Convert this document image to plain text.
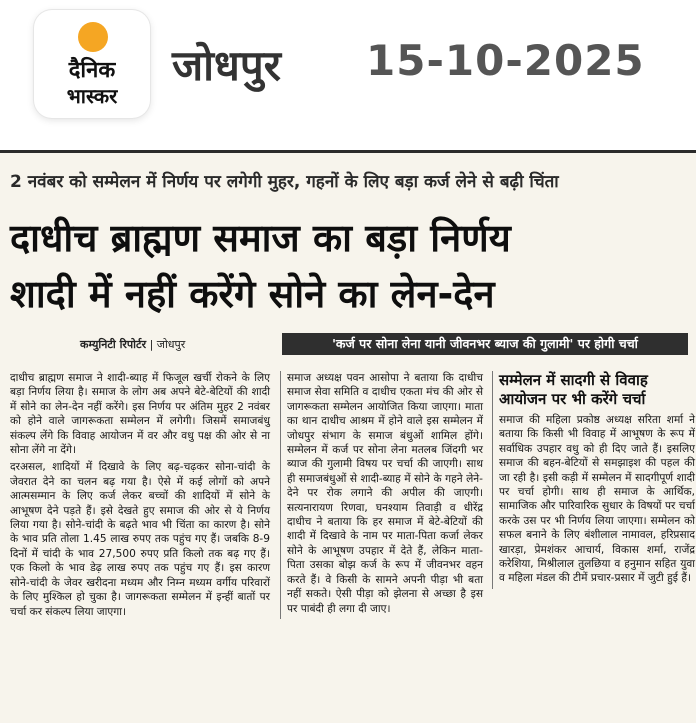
दैनिक
भास्कर
जोधपुर 15-10-2025
2 नवंबर को सम्मेलन में निर्णय पर लगेगी मुहर, गहनों के लिए बड़ा कर्ज लेने से बढ़ी चिंता
दाधीच ब्राह्मण समाज का बड़ा निर्णय
शादी में नहीं करेंगे सोने का लेन-देन
कम्युनिटी रिपोर्टर | जोधपुर	'कर्ज पर सोना लेना यानी जीवनभर ब्याज की गुलामी' पर होगी चर्चा

दाधीच ब्राह्मण समाज ने शादी-ब्याह में फिजूल खर्ची रोकने के लिए बड़ा निर्णय लिया है। समाज के लोग अब अपने बेटे-बेटियों की शादी में सोने का लेन-देन नहीं करेंगे। इस निर्णय पर अंतिम मुहर 2 नवंबर को होने वाले जागरूकता सम्मेलन में लगेगी। जिसमें समाजबंधु संकल्प लेंगे कि विवाह आयोजन में वर और वधु पक्ष की ओर से ना सोना लेंगे ना देंगे।

दरअसल, शादियों में दिखावे के लिए बढ़-चढ़कर सोना-चांदी के जेवरात देने का चलन बढ़ गया है। ऐसे में कई लोगों को अपने आत्मसम्मान के लिए कर्ज लेकर बच्चों की शादियों में सोने के आभूषण देने पड़ते हैं। इसे देखते हुए समाज की ओर से ये निर्णय लिया गया है। सोने-चांदी के बढ़ते भाव भी चिंता का कारण है। सोने के भाव प्रति तोला 1.45 लाख रुपए तक पहुंच गए हैं। जबकि 8-9 दिनों में चांदी के भाव 27,500 रुपए प्रति किलो तक बढ़ गए हैं। एक किलो के भाव डेढ़ लाख रुपए तक पहुंच गए हैं। इस कारण सोने-चांदी के जेवर खरीदना मध्यम और निम्न मध्यम वर्गीय परिवारों के लिए मुश्किल हो चुका है। जागरूकता सम्मेलन में इन्हीं बातों पर चर्चा कर संकल्प लिया जाएगा।

समाज अध्यक्ष पवन आसोपा ने बताया कि दाधीच समाज सेवा समिति व दाधीच एकता मंच की ओर से जागरूकता सम्मेलन आयोजित किया जाएगा। माता का थान दाधीच आश्रम में होने वाले इस सम्मेलन में जोधपुर संभाग के समाज बंधुओं शामिल होंगे। सम्मेलन में कर्ज पर सोना लेना मतलब जिंदगी भर ब्याज की गुलामी विषय पर चर्चा की जाएगी। साथ ही समाजबंधुओं से शादी-ब्याह में सोने के गहने लेने-देने पर रोक लगाने की अपील की जाएगी। सत्यनारायण रिणवा, घनश्याम तिवाड़ी व धीरेंद्र दाधीच ने बताया कि हर समाज में बेटे-बेटियों की शादी में दिखावे के नाम पर माता-पिता कर्जा लेकर सोने के आभूषण उपहार में देते हैं, लेकिन माता-पिता उसका बोझ कर्ज के रूप में जीवनभर वहन करते हैं। वे किसी के सामने अपनी पीड़ा भी बता नहीं सकते। ऐसी पीड़ा को झेलना से अच्छा है इस पर पाबंदी ही लगा दी जाए।

सम्मेलन में सादगी से विवाह आयोजन पर भी करेंगे चर्चा

समाज की महिला प्रकोष्ठ अध्यक्ष सरिता शर्मा ने बताया कि किसी भी विवाह में आभूषण के रूप में सर्वाधिक उपहार वधु को ही दिए जाते हैं। इसलिए समाज की बहन-बेटियों से समझाइश की पहल की जा रही है। इसी कड़ी में सम्मेलन में सादगीपूर्ण शादी पर चर्चा होगी। साथ ही समाज के आर्थिक, सामाजिक और पारिवारिक सुधार के विषयों पर चर्चा करके उस पर भी निर्णय लिया जाएगा। सम्मेलन को सफल बनाने के लिए बंशीलाल नामावल, हरिप्रसाद खारड़ा, प्रेमशंकर आचार्य, विकास शर्मा, राजेंद्र करेशिया, मिश्रीलाल तुलछिया व हनुमान सहित युवा व महिला मंडल की टीमें प्रचार-प्रसार में जुटी हुई हैं।
